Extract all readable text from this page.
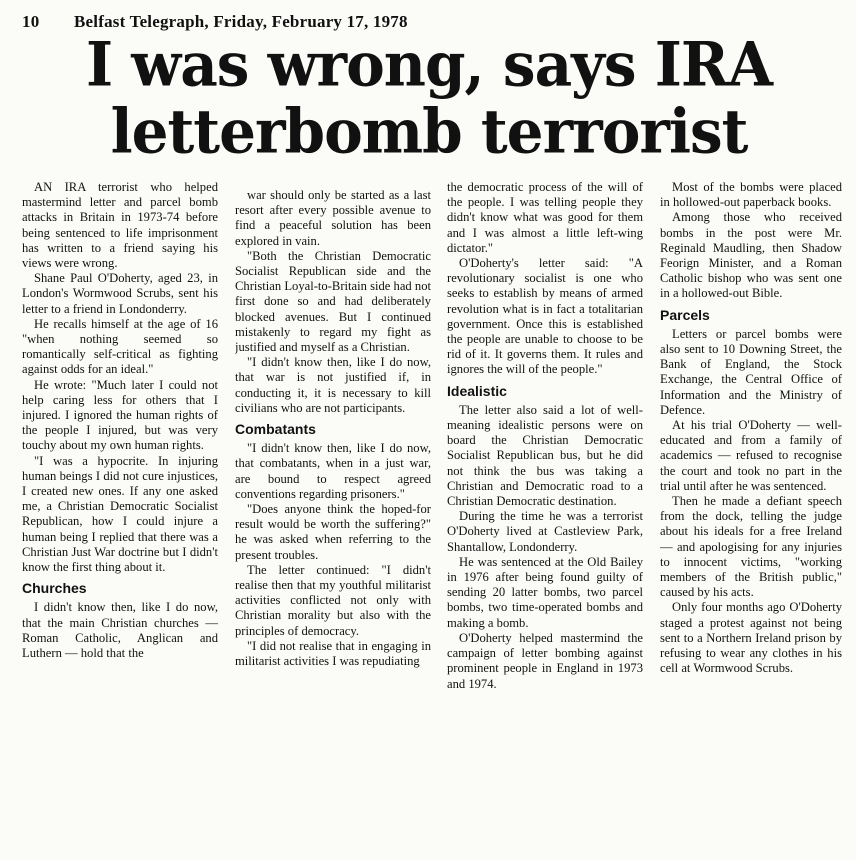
10 Belfast Telegraph, Friday, February 17, 1978
I was wrong, says IRA
letterbomb terrorist

AN IRA terrorist who helped mastermind letter and parcel bomb attacks in Britain in 1973-74 before being sentenced to life imprisonment has written to a friend saying his views were wrong.

Shane Paul O'Doherty, aged 23, in London's Wormwood Scrubs, sent his letter to a friend in Londonderry.

He recalls himself at the age of 16 "when nothing seemed so romantically self-critical as fighting against odds for an ideal."

He wrote: "Much later I could not help caring less for others that I injured. I ignored the human rights of the people I injured, but was very touchy about my own human rights.

"I was a hypocrite. In injuring human beings I did not cure injustices, I created new ones. If any one asked me, a Christian Democratic Socialist Republican, how I could injure a human being I replied that there was a Christian Just War doctrine but I didn't know the first thing about it.

Churches

I didn't know then, like I do now, that the main Christian churches — Roman Catholic, Anglican and Luthern — hold that the

war should only be started as a last resort after every possible avenue to find a peaceful solution has been explored in vain.

"Both the Christian Democratic Socialist Republican side and the Christian Loyal-to-Britain side had not first done so and had deliberately blocked avenues. But I continued mistakenly to regard my fight as justified and myself as a Christian.

"I didn't know then, like I do now, that war is not justified if, in conducting it, it is necessary to kill civilians who are not participants.

Combatants

"I didn't know then, like I do now, that combatants, when in a just war, are bound to respect agreed conventions regarding prisoners."

"Does anyone think the hoped-for result would be worth the suffering?" he was asked when referring to the present troubles.

The letter continued: "I didn't realise then that my youthful militarist activities conflicted not only with Christian morality but also with the principles of democracy.

"I did not realise that in engaging in militarist activities I was repudiating

the democratic process of the will of the people. I was telling people they didn't know what was good for them and I was almost a little left-wing dictator."

O'Doherty's letter said: "A revolutionary socialist is one who seeks to establish by means of armed revolution what is in fact a totalitarian government. Once this is established the people are unable to choose to be rid of it. It governs them. It rules and ignores the will of the people."

Idealistic

The letter also said a lot of well-meaning idealistic persons were on board the Christian Democratic Socialist Republican bus, but he did not think the bus was taking a Christian and Democratic road to a Christian Democratic destination.

During the time he was a terrorist O'Doherty lived at Castleview Park, Shantallow, Londonderry.

He was sentenced at the Old Bailey in 1976 after being found guilty of sending 20 latter bombs, two parcel bombs, two time-operated bombs and making a bomb.

O'Doherty helped mastermind the campaign of letter bombing against prominent people in England in 1973 and 1974.

Most of the bombs were placed in hollowed-out paperback books.

Among those who received bombs in the post were Mr. Reginald Maudling, then Shadow Feorign Minister, and a Roman Catholic bishop who was sent one in a hollowed-out Bible.

Parcels

Letters or parcel bombs were also sent to 10 Downing Street, the Bank of England, the Stock Exchange, the Central Office of Information and the Ministry of Defence.

At his trial O'Doherty — well-educated and from a family of academics — refused to recognise the court and took no part in the trial until after he was sentenced.

Then he made a defiant speech from the dock, telling the judge about his ideals for a free Ireland — and apologising for any injuries to innocent victims, "working members of the British public," caused by his acts.

Only four months ago O'Doherty staged a protest against not being sent to a Northern Ireland prison by refusing to wear any clothes in his cell at Wormwood Scrubs.
